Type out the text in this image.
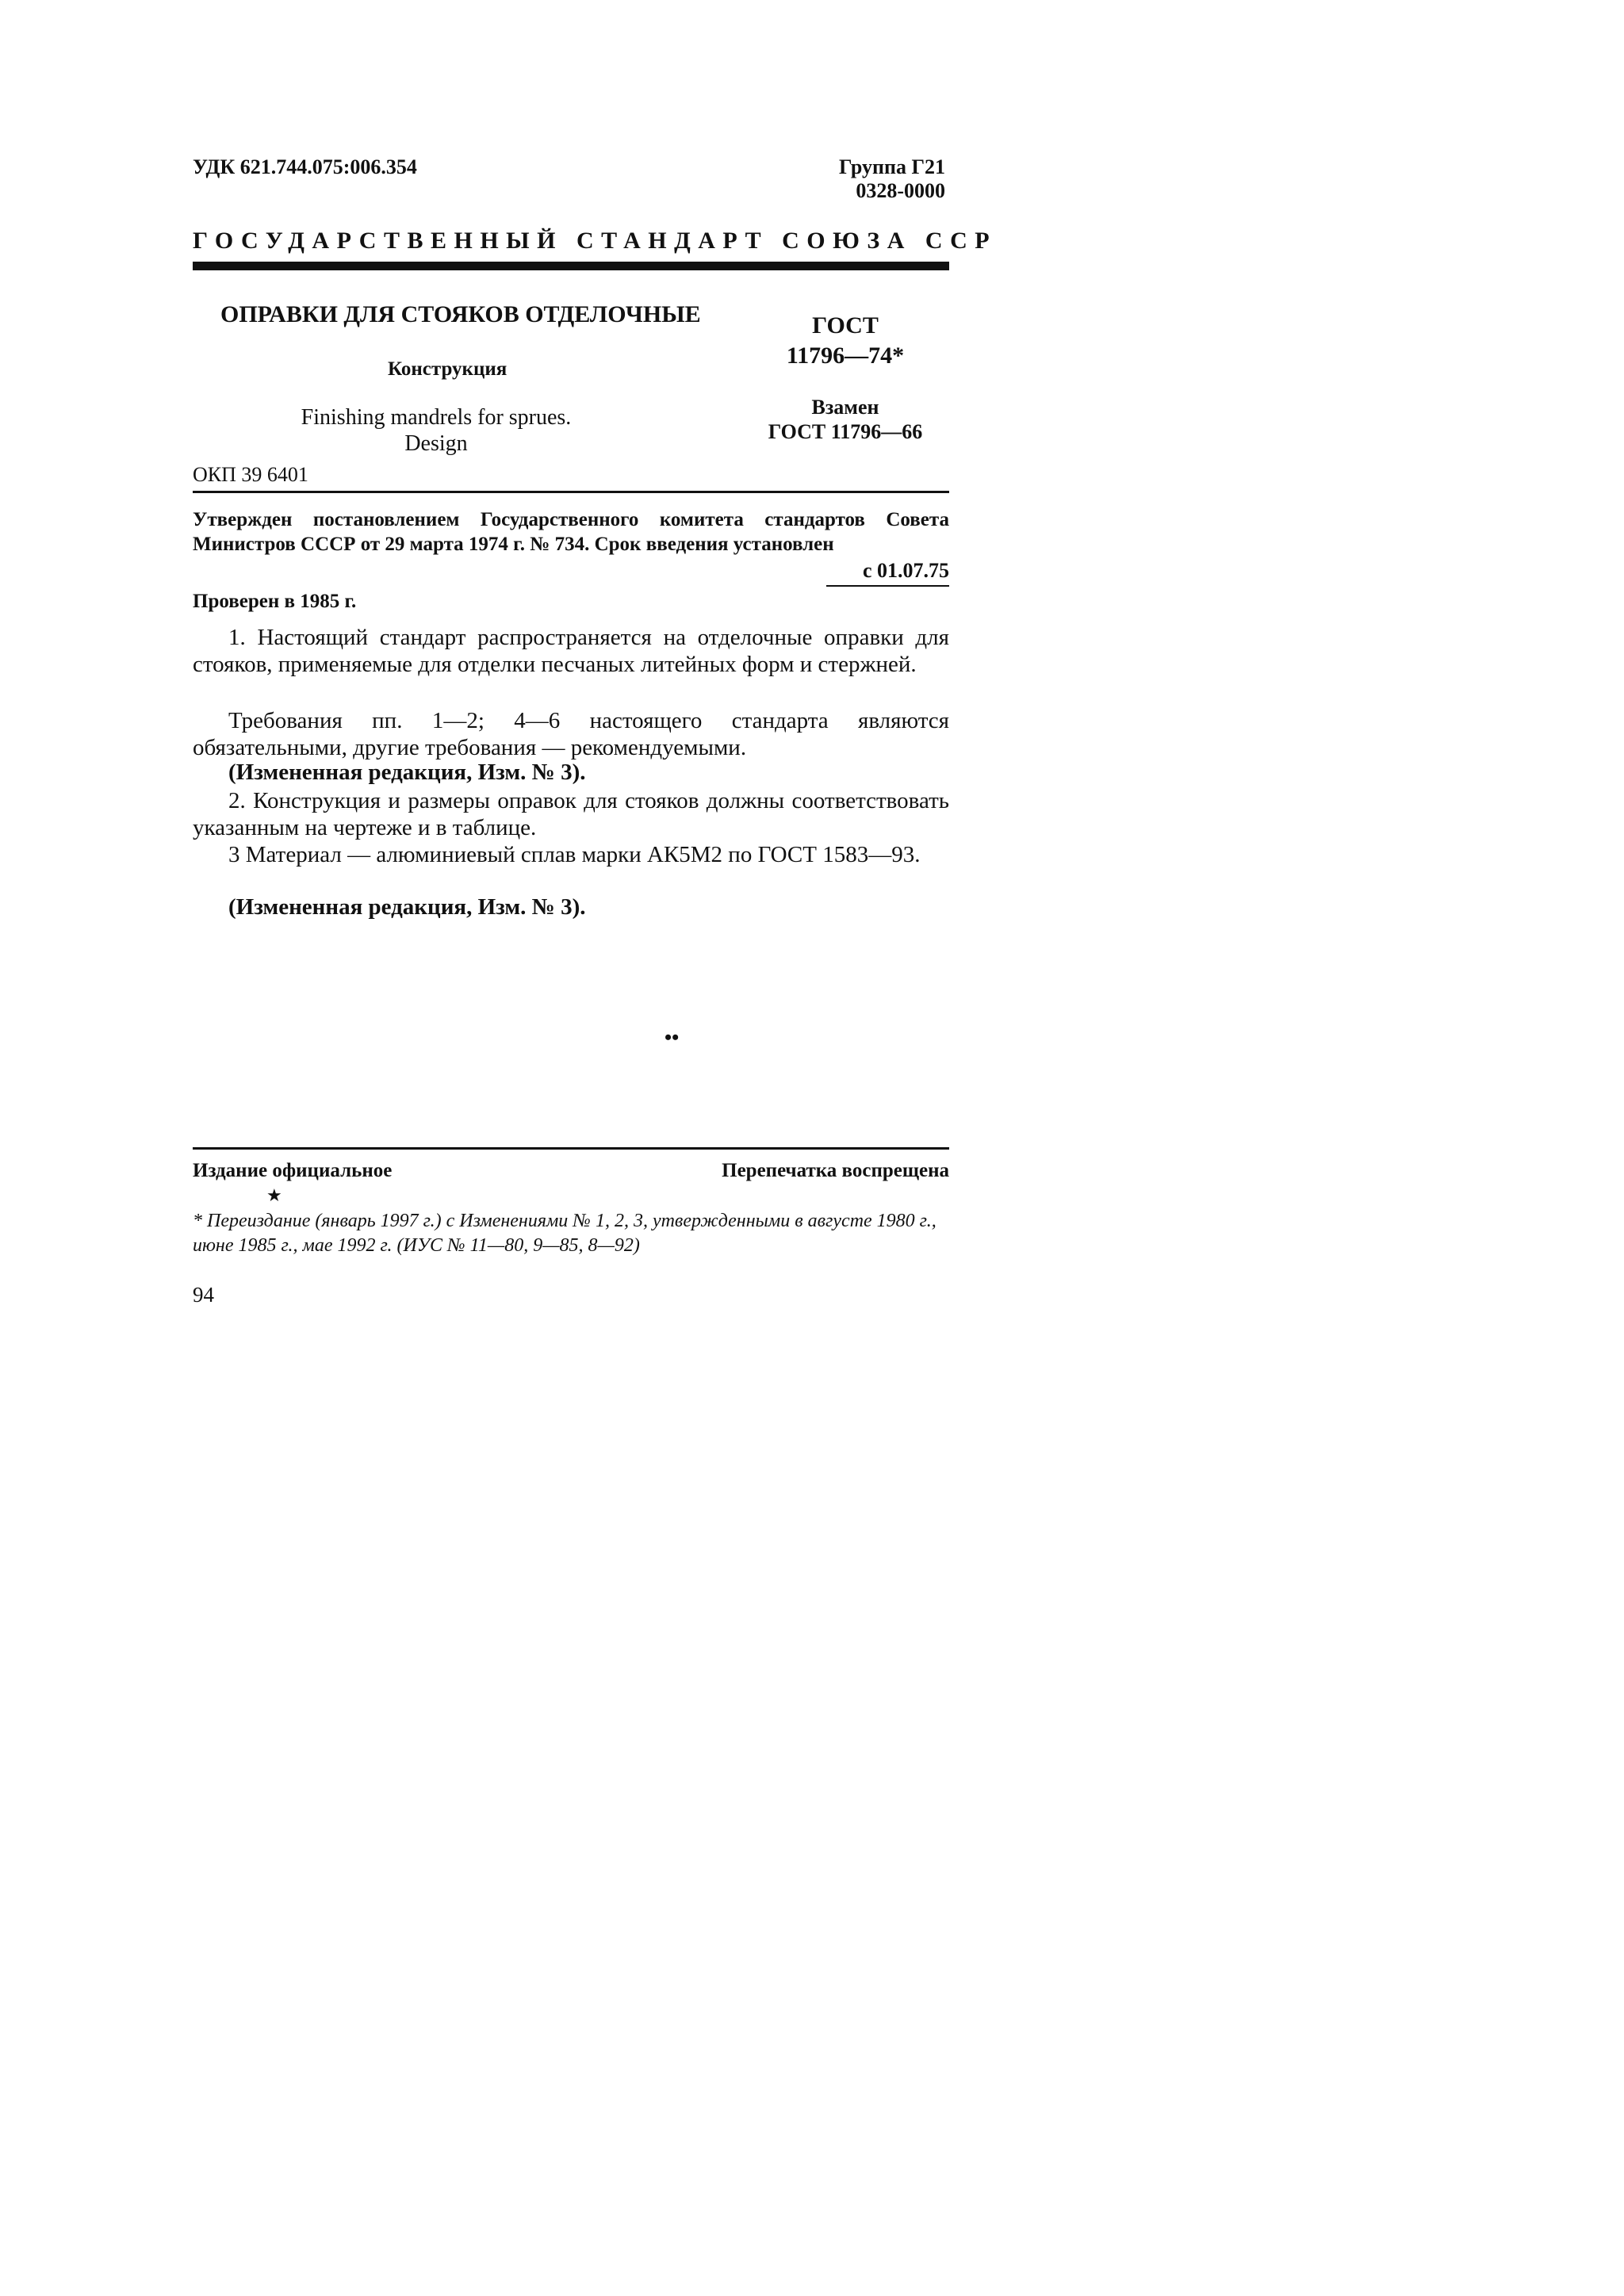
УДК 621.744.075:006.354	Группа Г21
0328-0000
ГОСУДАРСТВЕННЫЙ СТАНДАРТ СОЮЗА ССР
ОПРАВКИ ДЛЯ СТОЯКОВ ОТДЕЛОЧНЫЕ
Конструкция
Finishing mandrels for sprues.
Design
ГОСТ
11796—74*
Взамен
ГОСТ 11796—66
ОКП 39 6401
Утвержден постановлением Государственного комитета стандартов Совета Министров СССР от 29 марта 1974 г. № 734. Срок введения установлен
с 01.07.75
Проверен в 1985 г.
1. Настоящий стандарт распространяется на отделочные оправки для стояков, применяемые для отделки песчаных литейных форм и стержней.
Требования пп. 1—2; 4—6 настоящего стандарта являются обязательными, другие требования — рекомендуемыми.
(Измененная редакция, Изм. № 3).
2. Конструкция и размеры оправок для стояков должны соответствовать указанным на чертеже и в таблице.
3 Материал — алюминиевый сплав марки АК5М2 по ГОСТ 1583—93.
(Измененная редакция, Изм. № 3).
••
Издание официальное	Перепечатка воспрещена
★
* Переиздание (январь 1997 г.) с Изменениями № 1, 2, 3, утвержденными в августе 1980 г., июне 1985 г., мае 1992 г. (ИУС № 11—80, 9—85, 8—92)
94
